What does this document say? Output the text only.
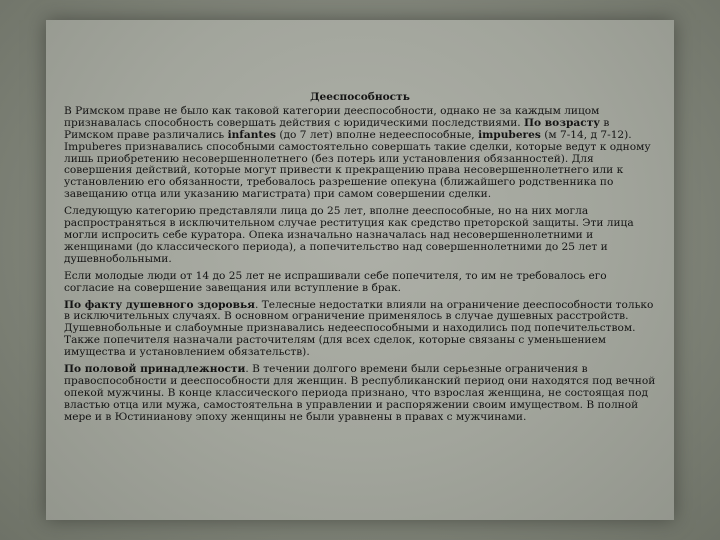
Дееспособность

В Римском праве не было как таковой категории дееспособности, однако не за каждым лицом признавалась способность совершать действия с юридическими последствиями. По возрасту в Римском праве различались infantes (до 7 лет) вполне недееспособные, impuberes (м 7-14, д 7-12). Impuberes признавались способными самостоятельно совершать такие сделки, которые ведут к одному лишь приобретению несовершеннолетнего (без потерь или установления обязанностей). Для совершения действий, которые могут привести к прекращению права несовершеннолетнего или к установлению его обязанности, требовалось разрешение опекуна (ближайшего родственника по завещанию отца или указанию магистрата) при самом совершении сделки.

Следующую категорию представляли лица до 25 лет, вполне дееспособные, но на них могла распространяться в исключительном случае реституция как средство преторской защиты. Эти лица могли испросить себе куратора. Опека изначально назначалась над несовершеннолетними и женщинами (до классического периода), а попечительство над совершеннолетними до 25 лет и душевнобольными.

Если молодые люди от 14 до 25 лет не испрашивали себе попечителя, то им не требовалось его согласие на совершение завещания или вступление в брак.

По факту душевного здоровья. Телесные недостатки влияли на ограничение дееспособности только в исключительных случаях. В основном ограничение применялось в случае душевных расстройств. Душевнобольные и слабоумные признавались недееспособными и находились под попечительством. Также попечителя назначали расточителям (для всех сделок, которые связаны с уменьшением имущества и установлением обязательств).

По половой принадлежности. В течении долгого времени были серьезные ограничения в правоспособности и дееспособности для женщин. В республиканский период они находятся под вечной опекой мужчины. В конце классического периода признано, что взрослая женщина, не состоящая под властью отца или мужа, самостоятельна в управлении и распоряжении своим имуществом. В полной мере и в Юстинианову эпоху женщины не были уравнены в правах с мужчинами.
